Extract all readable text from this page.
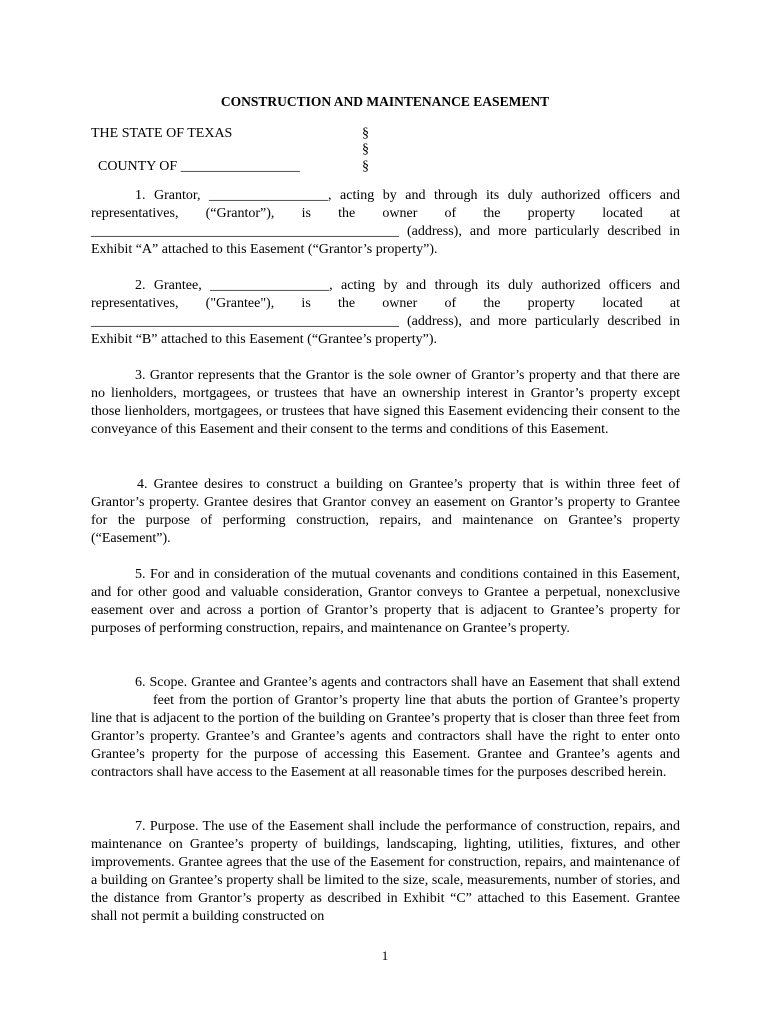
CONSTRUCTION AND MAINTENANCE EASEMENT
THE STATE OF TEXAS
COUNTY OF _________________
§
§
§
1. Grantor, _________________, acting by and through its duly authorized officers and representatives, (“Grantor”), is the owner of the property located at ____________________________________________ (address), and more particularly described in Exhibit “A” attached to this Easement (“Grantor’s property”).
2. Grantee, _________________, acting by and through its duly authorized officers and representatives, ("Grantee"), is the owner of the property located at ____________________________________________ (address), and more particularly described in Exhibit “B” attached to this Easement (“Grantee’s property”).
3. Grantor represents that the Grantor is the sole owner of Grantor’s property and that there are no lienholders, mortgagees, or trustees that have an ownership interest in Grantor’s property except those lienholders, mortgagees, or trustees that have signed this Easement evidencing their consent to the conveyance of this Easement and their consent to the terms and conditions of this Easement.
4. Grantee desires to construct a building on Grantee’s property that is within three feet of Grantor’s property. Grantee desires that Grantor convey an easement on Grantor’s property to Grantee for the purpose of performing construction, repairs, and maintenance on Grantee’s property (“Easement”).
5. For and in consideration of the mutual covenants and conditions contained in this Easement, and for other good and valuable consideration, Grantor conveys to Grantee a perpetual, nonexclusive easement over and across a portion of Grantor’s property that is adjacent to Grantee’s property for purposes of performing construction, repairs, and maintenance on Grantee’s property.
6. Scope. Grantee and Grantee’s agents and contractors shall have an Easement that shall extendfeet from the portion of Grantor’s property line that abuts the portion of Grantee’s property line that is adjacent to the portion of the building on Grantee’s property that is closer than three feet from Grantor’s property. Grantee’s and Grantee’s agents and contractors shall have the right to enter onto Grantee’s property for the purpose of accessing this Easement. Grantee and Grantee’s agents and contractors shall have access to the Easement at all reasonable times for the purposes described herein.
7. Purpose. The use of the Easement shall include the performance of construction, repairs, and maintenance on Grantee’s property of buildings, landscaping, lighting, utilities, fixtures, and other improvements. Grantee agrees that the use of the Easement for construction, repairs, and maintenance of a building on Grantee’s property shall be limited to the size, scale, measurements, number of stories, and the distance from Grantor’s property as described in Exhibit “C” attached to this Easement. Grantee shall not permit a building constructed on
1
